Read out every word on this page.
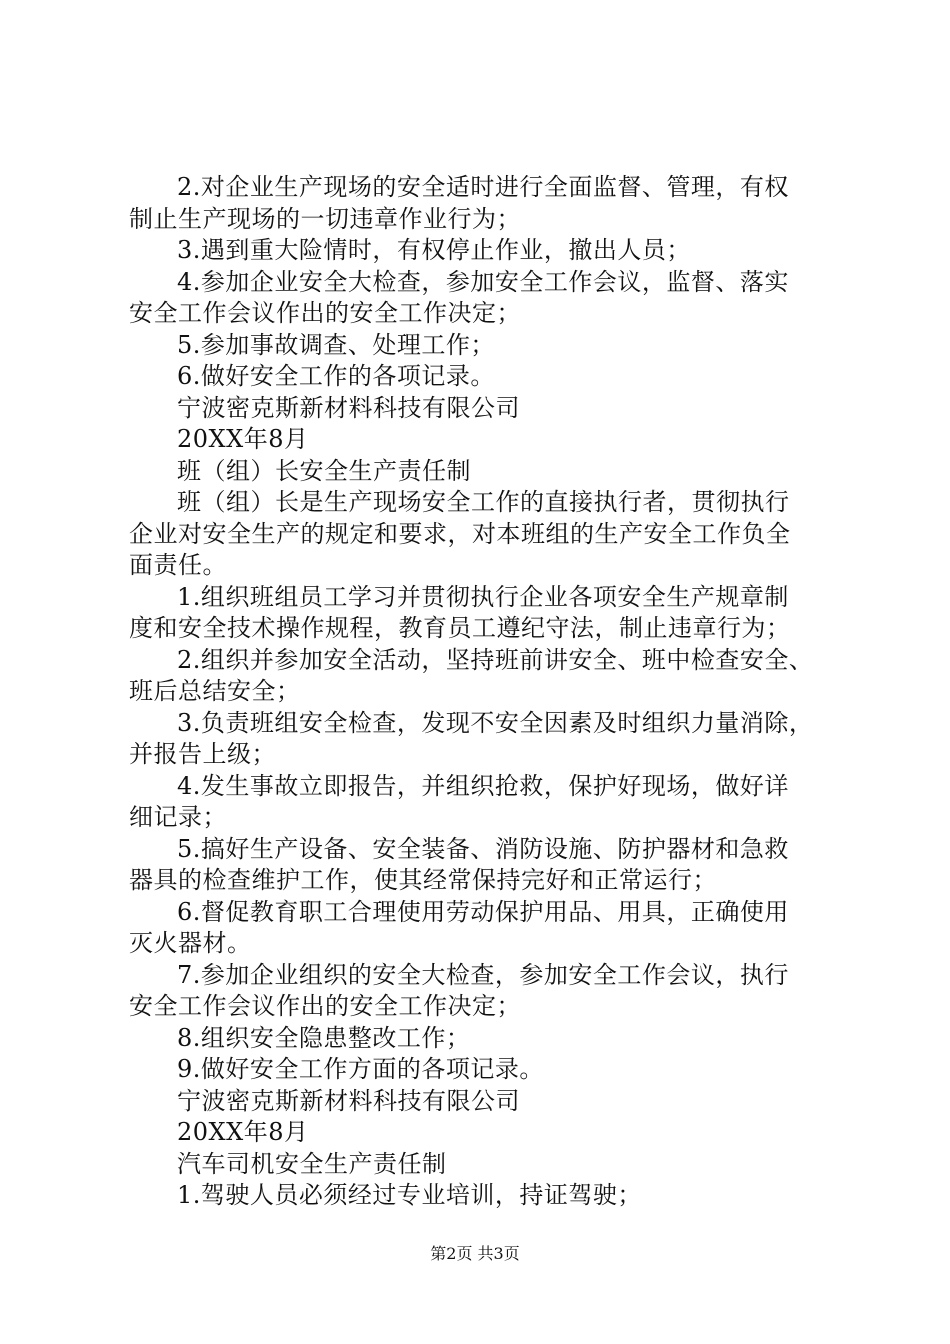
2.对企业生产现场的安全适时进行全面监督、管理，有权
制止生产现场的一切违章作业行为；
3.遇到重大险情时，有权停止作业，撤出人员；
4.参加企业安全大检查，参加安全工作会议，监督、落实
安全工作会议作出的安全工作决定；
5.参加事故调查、处理工作；
6.做好安全工作的各项记录。
宁波密克斯新材料科技有限公司
20XX年8月
班（组）长安全生产责任制
班（组）长是生产现场安全工作的直接执行者，贯彻执行
企业对安全生产的规定和要求，对本班组的生产安全工作负全
面责任。
1.组织班组员工学习并贯彻执行企业各项安全生产规章制
度和安全技术操作规程，教育员工遵纪守法，制止违章行为；
2.组织并参加安全活动，坚持班前讲安全、班中检查安全、
班后总结安全；
3.负责班组安全检查，发现不安全因素及时组织力量消除，
并报告上级；
4.发生事故立即报告，并组织抢救，保护好现场，做好详
细记录；
5.搞好生产设备、安全装备、消防设施、防护器材和急救
器具的检查维护工作，使其经常保持完好和正常运行；
6.督促教育职工合理使用劳动保护用品、用具，正确使用
灭火器材。
7.参加企业组织的安全大检查，参加安全工作会议，执行
安全工作会议作出的安全工作决定；
8.组织安全隐患整改工作；
9.做好安全工作方面的各项记录。
宁波密克斯新材料科技有限公司
20XX年8月
汽车司机安全生产责任制
1.驾驶人员必须经过专业培训，持证驾驶；
第2页 共3页
